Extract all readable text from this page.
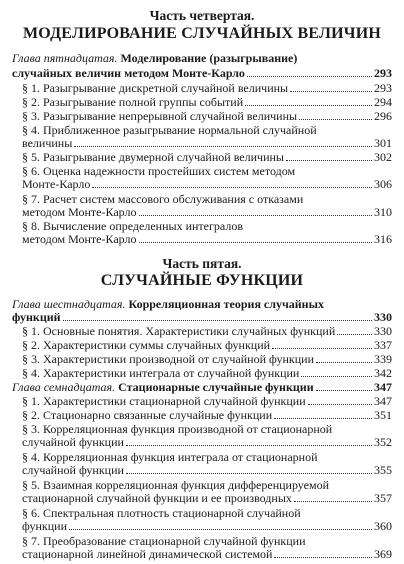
Часть четвертая.
МОДЕЛИРОВАНИЕ СЛУЧАЙНЫХ ВЕЛИЧИН
Глава пятнадцатая. Моделирование (разыгрывание)
случайных величин методом Монте-Карло	293
§ 1. Разыгрывание дискретной случайной величины	293
§ 2. Разыгрывание полной группы событий	294
§ 3. Разыгрывание непрерывной случайной величины	296
§ 4. Приближенное разыгрывание нормальной случайной
величины	301
§ 5. Разыгрывание двумерной случайной величины	302
§ 6. Оценка надежности простейших систем методом
Монте-Карло	306
§ 7. Расчет систем массового обслуживания с отказами
методом Монте-Карло	310
§ 8. Вычисление определенных интегралов
методом Монте-Карло	316
Часть пятая.
СЛУЧАЙНЫЕ ФУНКЦИИ
Глава шестнадцатая. Корреляционная теория случайных
функций	330
§ 1. Основные понятия. Характеристики случайных функций	330
§ 2. Характеристики суммы случайных функций	337
§ 3. Характеристики производной от случайной функции	339
§ 4. Характеристики интеграла от случайной функции	342
Глава семнадцатая. Стационарные случайные функции	347
§ 1. Характеристики стационарной случайной функции	347
§ 2. Стационарно связанные случайные функции	351
§ 3. Корреляционная функция производной от стационарной
случайной функции	352
§ 4. Корреляционная функция интеграла от стационарной
случайной функции	355
§ 5. Взаимная корреляционная функция дифференцируемой
стационарной случайной функции и ее производных	357
§ 6. Спектральная плотность стационарной случайной
функции	360
§ 7. Преобразование стационарной случайной функции
стационарной линейной динамической системой	369
